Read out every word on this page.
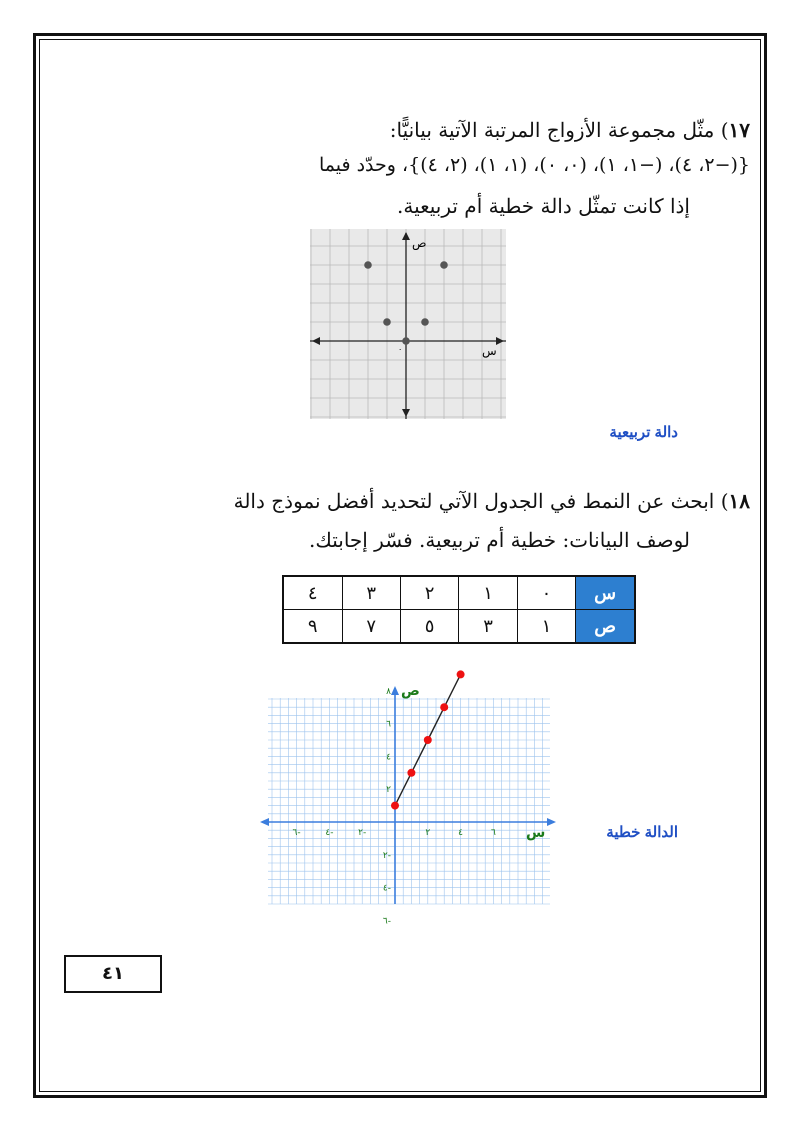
١٧) مثّل مجموعة الأزواج المرتبة الآتية بيانيًّا:
{(−٢، ٤)، (−١، ١)، (٠، ٠)، (١، ١)، (٢، ٤)}، وحدّد فيما
إذا كانت تمثّل دالة خطية أم تربيعية.
ص
س
٠
دالة تربيعية
١٨) ابحث عن النمط في الجدول الآتي لتحديد أفضل نموذج دالة
لوصف البيانات: خطية أم تربيعية. فسّر إجابتك.
س	٠	١	٢	٣	٤
ص	١	٣	٥	٧	٩
ص
س
٦-	٤-	٢-	٢	٤	٦
٨
٦
٤
٢
٢-
٤-
٦-
الدالة خطية
٤١
